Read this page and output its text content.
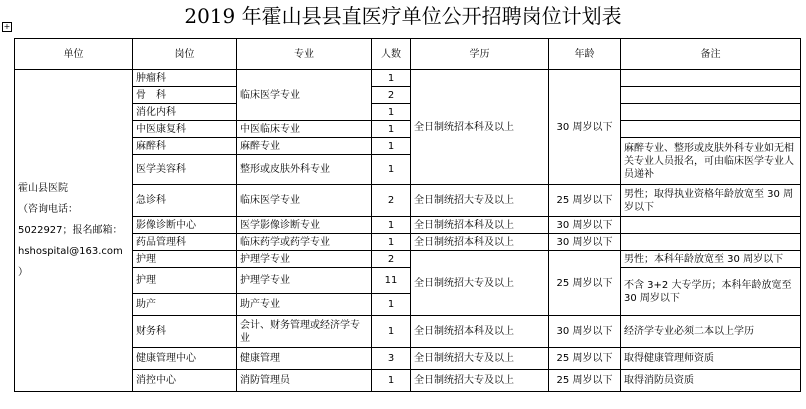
2019 年霍山县县直医疗单位公开招聘岗位计划表
+
单位	岗位	专业	人数	学历	年龄	备注

霍山县医院
（咨询电话：
5022927；报名邮箱：
hshospital@163.com
）	肿瘤科	临床医学专业	1	全日制统招本科及以上	30 周岁以下	
	骨　科		2			
	消化内科		1			
	中医康复科	中医临床专业	1			
	麻醉科	麻醉专业	1			麻醉专业、整形或皮肤外科专业如无相关专业人员报名，可由临床医学专业人员递补
	医学美容科	整形或皮肤外科专业	1			
	急诊科	临床医学专业	2	全日制统招大专及以上	25 周岁以下	男性；取得执业资格年龄放宽至 30 周岁以下
	影像诊断中心	医学影像诊断专业	1	全日制统招本科及以上	30 周岁以下	
	药品管理科	临床药学或药学专业	1	全日制统招本科及以上	30 周岁以下	
	护理	护理学专业	2	全日制统招大专及以上	25 周岁以下	男性；本科年龄放宽至 30 周岁以下
	护理	护理学专业	11			不含 3+2 大专学历；本科年龄放宽至 30 周岁以下
	助产	助产专业	1			
	财务科	会计、财务管理或经济学专业	1	全日制统招本科及以上	30 周岁以下	经济学专业必须二本以上学历
	健康管理中心	健康管理	3	全日制统招大专及以上	25 周岁以下	取得健康管理师资质
	消控中心	消防管理员	1	全日制统招大专及以上	25 周岁以下	取得消防员资质
